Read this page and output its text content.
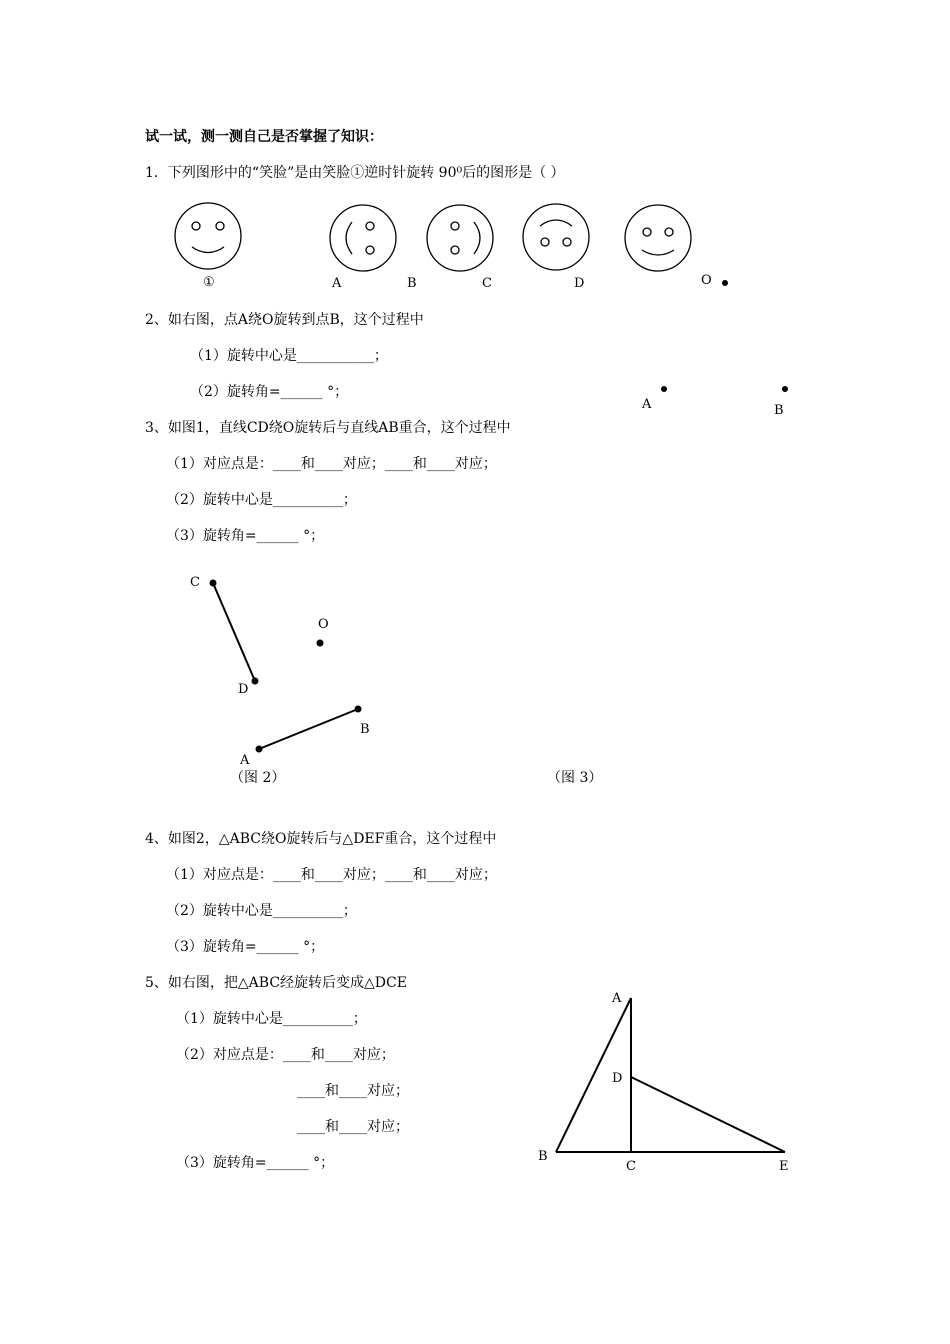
试一试，测一测自己是否掌握了知识：
1．下列图形中的“笑脸”是由笑脸①逆时针旋转 90⁰后的图形是（ ）
①	A	B	C	D	O
2、如右图，点A绕O旋转到点B，这个过程中
（1）旋转中心是___________；
（2）旋转角=______ °；
A	B
3、如图1，直线CD绕O旋转后与直线AB重合，这个过程中
（1）对应点是：____和____对应；____和____对应；
（2）旋转中心是__________；
（3）旋转角=______ °；
C
D
O
A
B
（图 2）	（图 3）
4、如图2，△ABC绕O旋转后与△DEF重合，这个过程中
（1）对应点是：____和____对应；____和____对应；
（2）旋转中心是__________；
（3）旋转角=______ °；
5、如右图，把△ABC经旋转后变成△DCE
（1）旋转中心是__________；
（2）对应点是：____和____对应；
____和____对应；
____和____对应；
（3）旋转角=______ °；
A
B
C
D
E
